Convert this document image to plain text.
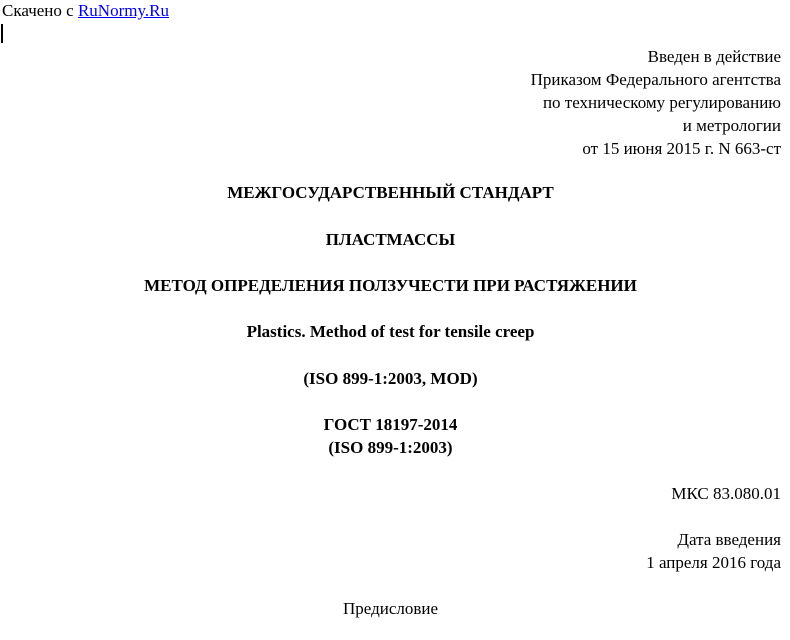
Скачено с RuNormy.Ru
Введен в действие
Приказом Федерального агентства
по техническому регулированию
и метрологии
от 15 июня 2015 г. N 663-ст
МЕЖГОСУДАРСТВЕННЫЙ СТАНДАРТ
ПЛАСТМАССЫ
МЕТОД ОПРЕДЕЛЕНИЯ ПОЛЗУЧЕСТИ ПРИ РАСТЯЖЕНИИ
Plastics. Method of test for tensile creep
(ISO 899-1:2003, MOD)
ГОСТ 18197-2014
(ISO 899-1:2003)
МКС 83.080.01
Дата введения
1 апреля 2016 года
Предисловие
